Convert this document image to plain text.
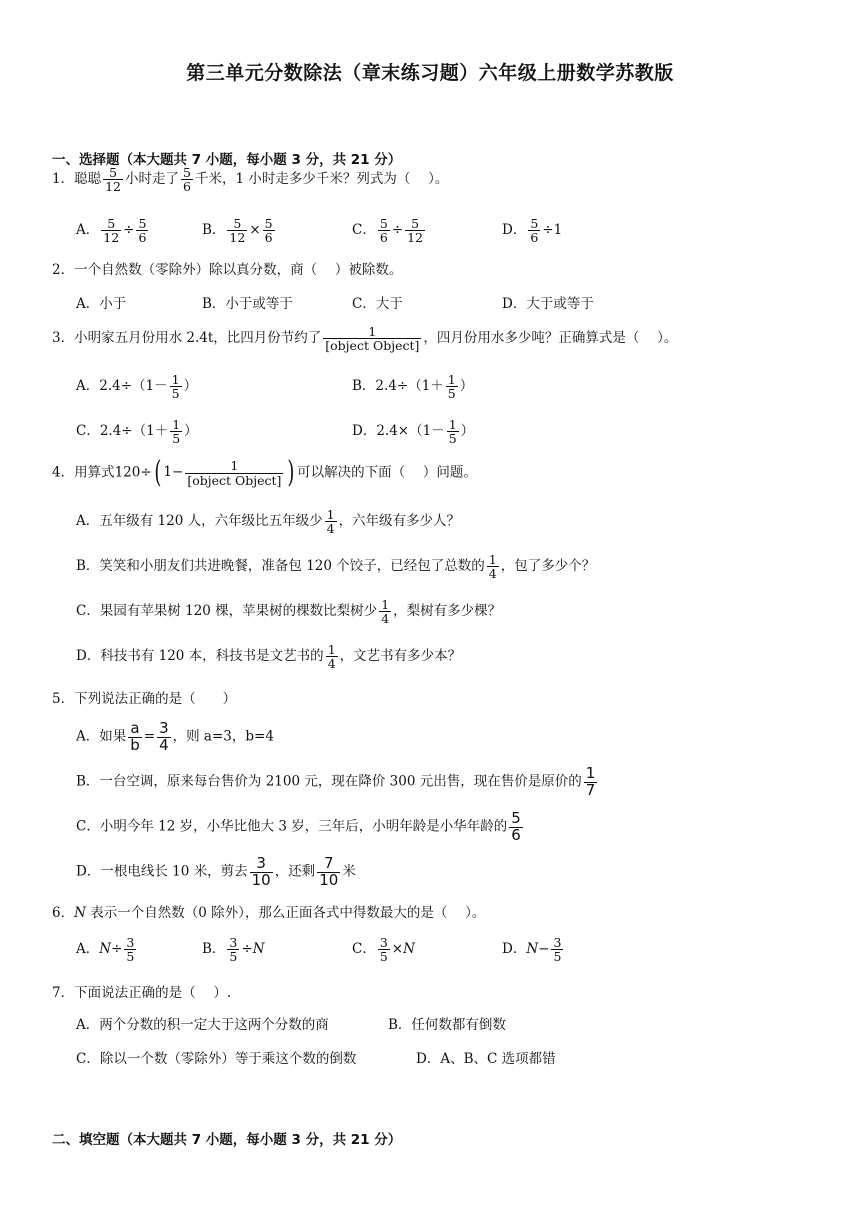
第三单元分数除法（章末练习题）六年级上册数学苏教版
一、选择题（本大题共 7 小题，每小题 3 分，共 21 分）
1．聪聪 $\frac{5}{12}$ 小时走了 $\frac{5}{6}$ 千米，1 小时走多少千米？列式为（　 ）。
A． $\frac{5}{12} \div \frac{5}{6}$	B． $\frac{5}{12} \times \frac{5}{6}$	C． $\frac{5}{6} \div \frac{5}{12}$	D． $\frac{5}{6} \div 1$
2．一个自然数（零除外）除以真分数，商（　 ）被除数。
A．小于	B．小于或等于	C．大于	D．大于或等于
3．小明家五月份用水 2.4t，比四月份节约了 $\frac{1}{\text{[object Object]}}$ ，四月份用水多少吨？正确算式是（　 ）。
A．$2.4\div(1- \frac{1}{5}$ ）	B．$2.4\div(1+ \frac{1}{5}$ ）
C．$2.4\div(1+ \frac{1}{5}$ ）	D．$2.4\times(1- \frac{1}{5}$ ）
4．用算式120÷ ( $1- \frac{1}{\text{[object Object]}}$ ) 可以解决的下面（　 ）问题。
A．五年级有 120 人，六年级比五年级少 $\frac{1}{4}$ ，六年级有多少人？
B．笑笑和小朋友们共进晚餐，准备包 120 个饺子，已经包了总数的 $\frac{1}{4}$ ，包了多少个？
C．果园有苹果树 120 棵，苹果树的棵数比梨树少 $\frac{1}{4}$ ，梨树有多少棵？
D．科技书有 120 本，科技书是文艺书的 $\frac{1}{4}$ ，文艺书有多少本？
5．下列说法正确的是（　　）
A．如果 $\frac{a}{b} = \frac{3}{4}$ ，则 a=3，b=4
B．一台空调，原来每台售价为 2100 元，现在降价 300 元出售，现在售价是原价的 $\frac{1}{7}$
C．小明今年 12 岁，小华比他大 3 岁，三年后，小明年龄是小华年龄的 $\frac{5}{6}$
D．一根电线长 10 米，剪去 $\frac{3}{10}$ ，还剩 $\frac{7}{10}$ 米
6．N 表示一个自然数（0 除外），那么正面各式中得数最大的是（　 ）。
A．$N\div \frac{3}{5}$	B． $\frac{3}{5} \div N$	C． $\frac{3}{5} \times N$	D．$N- \frac{3}{5}$
7．下面说法正确的是（　 ）.
A．两个分数的积一定大于这两个分数的商	B．任何数都有倒数
C．除以一个数（零除外）等于乘这个数的倒数	D．A、B、C 选项都错
二、填空题（本大题共 7 小题，每小题 3 分，共 21 分）
